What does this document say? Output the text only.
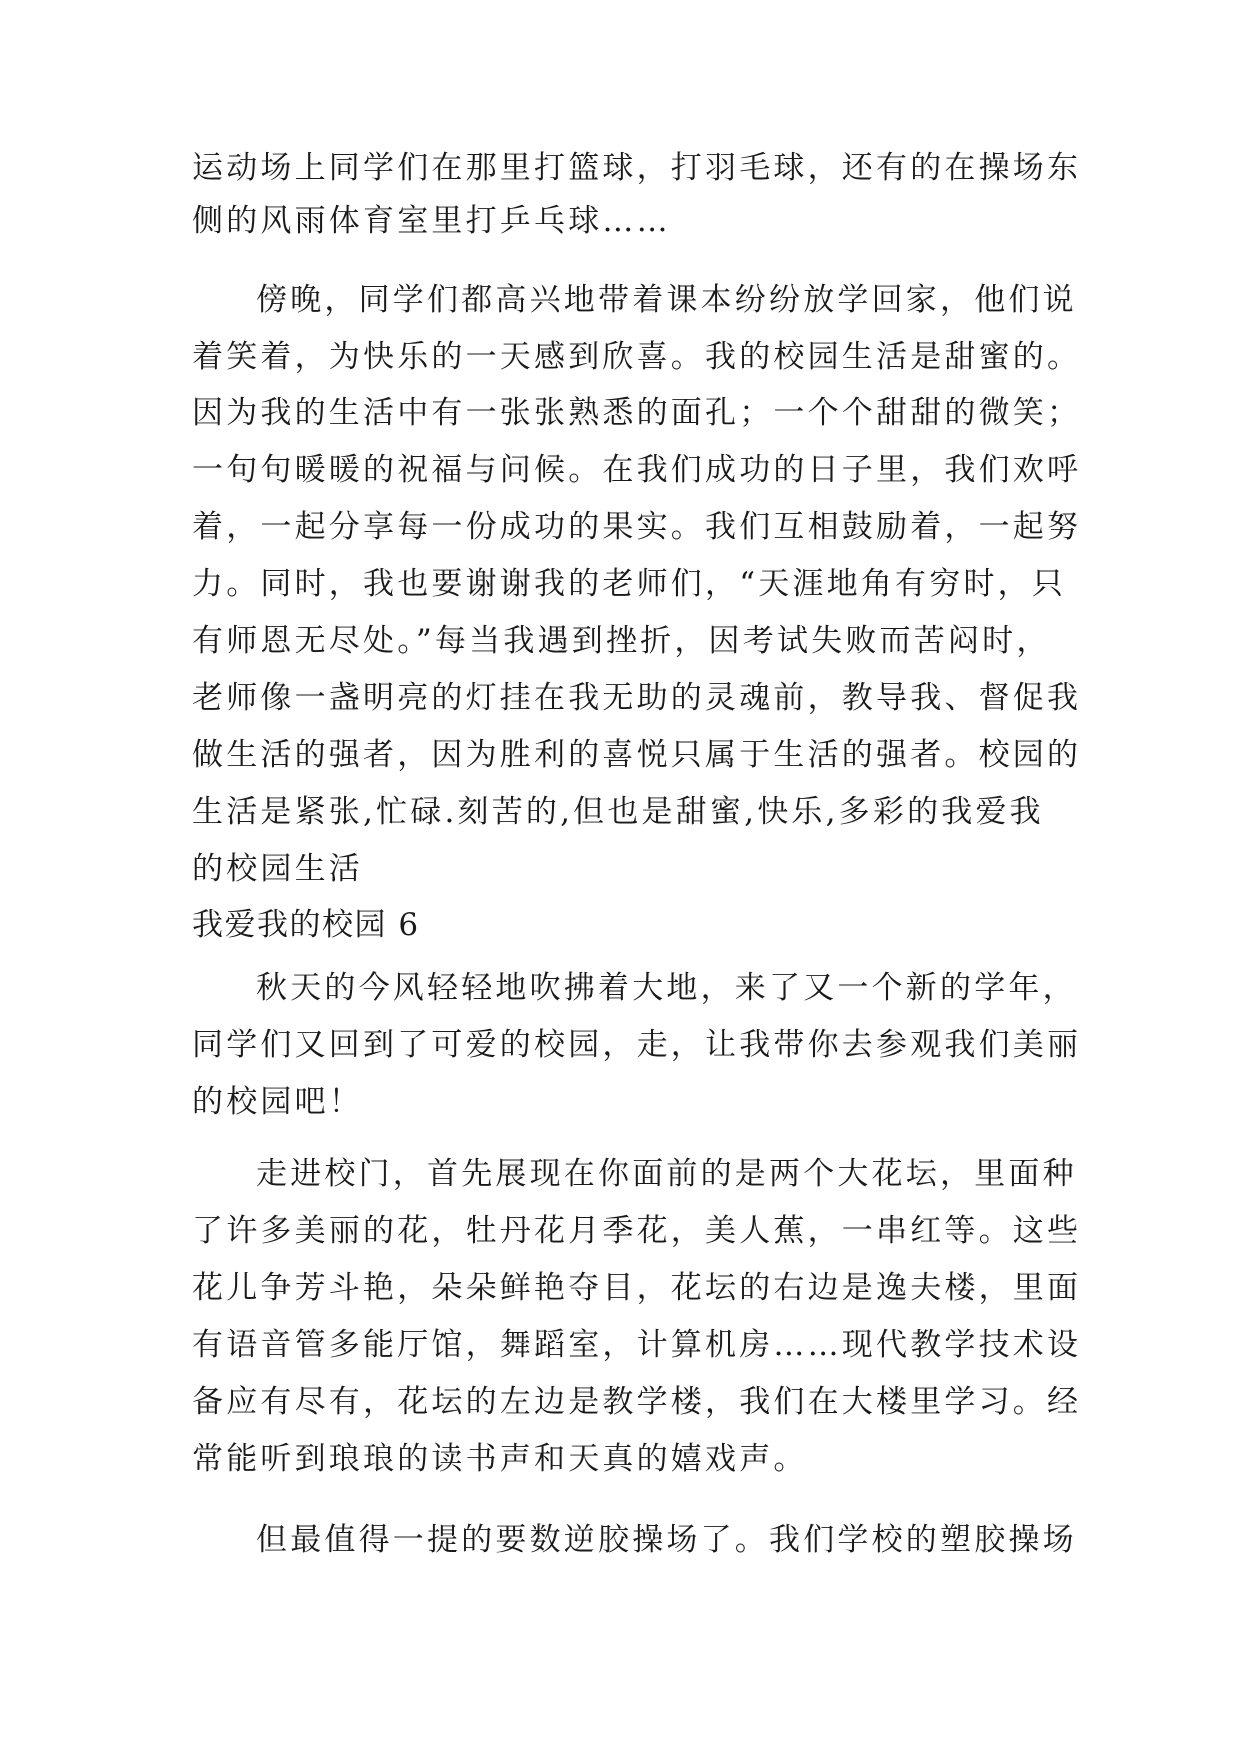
运动场上同学们在那里打篮球，打羽毛球，还有的在操场东
侧的风雨体育室里打乒乓球……
傍晚，同学们都高兴地带着课本纷纷放学回家，他们说
着笑着，为快乐的一天感到欣喜。我的校园生活是甜蜜的。
因为我的生活中有一张张熟悉的面孔；一个个甜甜的微笑；
一句句暖暖的祝福与问候。在我们成功的日子里，我们欢呼
着，一起分享每一份成功的果实。我们互相鼓励着，一起努
力。同时，我也要谢谢我的老师们，“天涯地角有穷时，只
有师恩无尽处。”每当我遇到挫折，因考试失败而苦闷时，
老师像一盏明亮的灯挂在我无助的灵魂前，教导我、督促我
做生活的强者，因为胜利的喜悦只属于生活的强者。校园的
生活是紧张,忙碌.刻苦的,但也是甜蜜,快乐,多彩的我爱我
的校园生活
我爱我的校园 6
秋天的今风轻轻地吹拂着大地，来了又一个新的学年，
同学们又回到了可爱的校园，走，让我带你去参观我们美丽
的校园吧！
走进校门，首先展现在你面前的是两个大花坛，里面种
了许多美丽的花，牡丹花月季花，美人蕉，一串红等。这些
花儿争芳斗艳，朵朵鲜艳夺目，花坛的右边是逸夫楼，里面
有语音管多能厅馆，舞蹈室，计算机房……现代教学技术设
备应有尽有，花坛的左边是教学楼，我们在大楼里学习。经
常能听到琅琅的读书声和天真的嬉戏声。
但最值得一提的要数逆胶操场了。我们学校的塑胶操场
